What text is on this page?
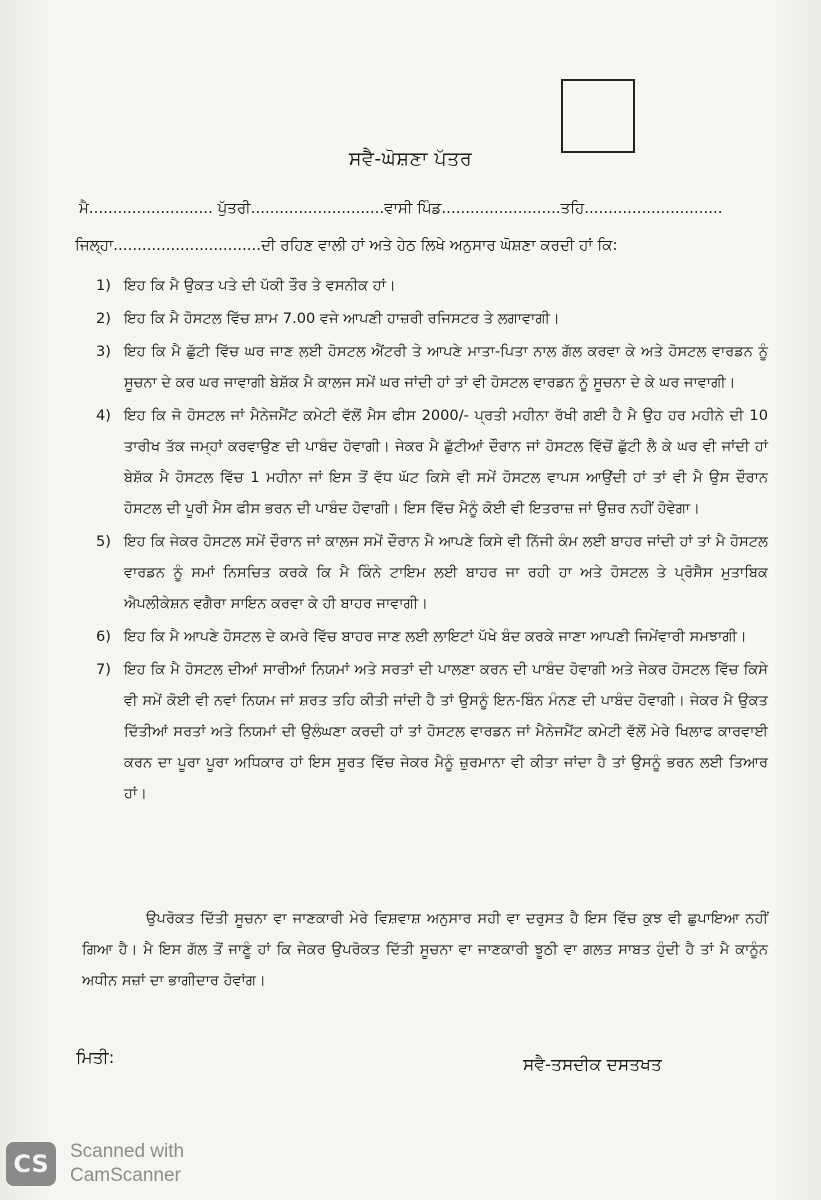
ਸਵੈ-ਘੋਸ਼ਣਾ ਪੱਤਰ
ਮੈ.......................... ਪੁੱਤਰੀ............................ਵਾਸੀ ਪਿੰਡ.........................ਤਹਿ.............................
ਜਿਲ੍ਹਾ...............................ਦੀ ਰਹਿਣ ਵਾਲੀ ਹਾਂ ਅਤੇ ਹੇਠ ਲਿਖੇ ਅਨੁਸਾਰ ਘੋਸ਼ਣਾ ਕਰਦੀ ਹਾਂ ਕਿ:
1) ਇਹ ਕਿ ਮੈ ਉਕਤ ਪਤੇ ਦੀ ਪੱਕੀ ਤੌਰ ਤੇ ਵਸਨੀਕ ਹਾਂ।
2) ਇਹ ਕਿ ਮੈ ਹੋਸਟਲ ਵਿੱਚ ਸ਼ਾਮ 7.00 ਵਜੇ ਆਪਣੀ ਹਾਜ਼ਰੀ ਰਜਿਸਟਰ ਤੇ ਲਗਾਵਾਗੀ।
3) ਇਹ ਕਿ ਮੈ ਛੁੱਟੀ ਵਿੱਚ ਘਰ ਜਾਣ ਲਈ ਹੋਸਟਲ ਐਂਟਰੀ ਤੇ ਆਪਣੇ ਮਾਤਾ-ਪਿਤਾ ਨਾਲ ਗੱਲ ਕਰਵਾ ਕੇ ਅਤੇ ਹੋਸਟਲ ਵਾਰਡਨ ਨੂੰ ਸੂਚਨਾ ਦੇ ਕਰ ਘਰ ਜਾਵਾਗੀ ਬੇਸ਼ੱਕ ਮੈ ਕਾਲਜ ਸਮੇਂ ਘਰ ਜਾਂਦੀ ਹਾਂ ਤਾਂ ਵੀ ਹੋਸਟਲ ਵਾਰਡਨ ਨੂੰ ਸੂਚਨਾ ਦੇ ਕੇ ਘਰ ਜਾਵਾਗੀ।
4) ਇਹ ਕਿ ਜੋ ਹੋਸਟਲ ਜਾਂ ਮੈਨੇਜਮੈਂਟ ਕਮੇਟੀ ਵੱਲੋਂ ਮੈਸ ਫੀਸ 2000/- ਪ੍ਰਤੀ ਮਹੀਨਾ ਰੱਖੀ ਗਈ ਹੈ ਮੈ ਉਹ ਹਰ ਮਹੀਨੇ ਦੀ 10 ਤਾਰੀਖ ਤੱਕ ਜਮ੍ਹਾਂ ਕਰਵਾਉਣ ਦੀ ਪਾਬੰਦ ਹੋਵਾਗੀ। ਜੇਕਰ ਮੈ ਛੁੱਟੀਆਂ ਦੌਰਾਨ ਜਾਂ ਹੋਸਟਲ ਵਿੱਚੋਂ ਛੁੱਟੀ ਲੈ ਕੇ ਘਰ ਵੀ ਜਾਂਦੀ ਹਾਂ ਬੇਸ਼ੱਕ ਮੈ ਹੋਸਟਲ ਵਿੱਚ 1 ਮਹੀਨਾ ਜਾਂ ਇਸ ਤੋਂ ਵੱਧ ਘੱਟ ਕਿਸੇ ਵੀ ਸਮੇਂ ਹੋਸਟਲ ਵਾਪਸ ਆਉਂਦੀ ਹਾਂ ਤਾਂ ਵੀ ਮੈ ਉਸ ਦੌਰਾਨ ਹੋਸਟਲ ਦੀ ਪੂਰੀ ਮੈਸ ਫੀਸ ਭਰਨ ਦੀ ਪਾਬੰਦ ਹੋਵਾਗੀ। ਇਸ ਵਿੱਚ ਮੈਨੂੰ ਕੋਈ ਵੀ ਇਤਰਾਜ਼ ਜਾਂ ਉਜ਼ਰ ਨਹੀਂ ਹੋਵੇਗਾ।
5) ਇਹ ਕਿ ਜੇਕਰ ਹੋਸਟਲ ਸਮੇਂ ਦੌਰਾਨ ਜਾਂ ਕਾਲਜ ਸਮੇਂ ਦੌਰਾਨ ਮੈ ਆਪਣੇ ਕਿਸੇ ਵੀ ਨਿੱਜੀ ਕੰਮ ਲਈ ਬਾਹਰ ਜਾਂਦੀ ਹਾਂ ਤਾਂ ਮੈ ਹੋਸਟਲ ਵਾਰਡਨ ਨੂੰ ਸਮਾਂ ਨਿਸਚਿਤ ਕਰਕੇ ਕਿ ਮੈ ਕਿੰਨੇ ਟਾਇਮ ਲਈ ਬਾਹਰ ਜਾ ਰਹੀ ਹਾ ਅਤੇ ਹੋਸਟਲ ਤੇ ਪ੍ਰੋਸੈਸ ਮੁਤਾਬਿਕ ਐਪਲੀਕੇਸ਼ਨ ਵਗੈਰਾ ਸਾਇਨ ਕਰਵਾ ਕੇ ਹੀ ਬਾਹਰ ਜਾਵਾਗੀ।
6) ਇਹ ਕਿ ਮੈ ਆਪਣੇ ਹੋਸਟਲ ਦੇ ਕਮਰੇ ਵਿੱਚ ਬਾਹਰ ਜਾਣ ਲਈ ਲਾਇਟਾਂ ਪੱਖੇ ਬੰਦ ਕਰਕੇ ਜਾਣਾ ਆਪਣੀ ਜਿਮੇਂਵਾਰੀ ਸਮਝਾਗੀ।
7) ਇਹ ਕਿ ਮੈ ਹੋਸਟਲ ਦੀਆਂ ਸਾਰੀਆਂ ਨਿਯਮਾਂ ਅਤੇ ਸਰਤਾਂ ਦੀ ਪਾਲਣਾ ਕਰਨ ਦੀ ਪਾਬੰਦ ਹੋਵਾਗੀ ਅਤੇ ਜੇਕਰ ਹੋਸਟਲ ਵਿੱਚ ਕਿਸੇ ਵੀ ਸਮੇਂ ਕੋਈ ਵੀ ਨਵਾਂ ਨਿਯਮ ਜਾਂ ਸ਼ਰਤ ਤਹਿ ਕੀਤੀ ਜਾਂਦੀ ਹੈ ਤਾਂ ਉਸਨੂੰ ਇਨ-ਬਿੰਨ ਮੰਨਣ ਦੀ ਪਾਬੰਦ ਹੋਵਾਗੀ। ਜੇਕਰ ਮੈ ਉਕਤ ਦਿੱਤੀਆਂ ਸਰਤਾਂ ਅਤੇ ਨਿਯਮਾਂ ਦੀ ਉਲੰਘਣਾ ਕਰਦੀ ਹਾਂ ਤਾਂ ਹੋਸਟਲ ਵਾਰਡਨ ਜਾਂ ਮੈਨੇਜਮੈਂਟ ਕਮੇਟੀ ਵੱਲੋਂ ਮੇਰੇ ਖਿਲਾਫ ਕਾਰਵਾਈ ਕਰਨ ਦਾ ਪੂਰਾ ਪੂਰਾ ਅਧਿਕਾਰ ਹਾਂ ਇਸ ਸੂਰਤ ਵਿੱਚ ਜੇਕਰ ਮੈਨੂੰ ਜ਼ੁਰਮਾਨਾ ਵੀ ਕੀਤਾ ਜਾਂਦਾ ਹੈ ਤਾਂ ਉਸਨੂੰ ਭਰਨ ਲਈ ਤਿਆਰ ਹਾਂ।
ਉਪਰੋਕਤ ਦਿੱਤੀ ਸੂਚਨਾ ਵਾ ਜਾਣਕਾਰੀ ਮੇਰੇ ਵਿਸ਼ਵਾਸ਼ ਅਨੁਸਾਰ ਸਹੀ ਵਾ ਦਰੁਸਤ ਹੈ ਇਸ ਵਿੱਚ ਕੁਝ ਵੀ ਛੁਪਾਇਆ ਨਹੀਂ ਗਿਆ ਹੈ। ਮੈ ਇਸ ਗੱਲ ਤੋਂ ਜਾਣੂੰ ਹਾਂ ਕਿ ਜੇਕਰ ਉਪਰੋਕਤ ਦਿੱਤੀ ਸੂਚਨਾ ਵਾ ਜਾਣਕਾਰੀ ਝੂਠੀ ਵਾ ਗਲਤ ਸਾਬਤ ਹੁੰਦੀ ਹੈ ਤਾਂ ਮੈ ਕਾਨੂੰਨ ਅਧੀਨ ਸਜ਼ਾਂ ਦਾ ਭਾਗੀਦਾਰ ਹੋਵਾਂਗ।
ਮਿਤੀ:	ਸਵੈ-ਤਸਦੀਕ ਦਸਤਖਤ
CS	Scanned with
CamScanner
